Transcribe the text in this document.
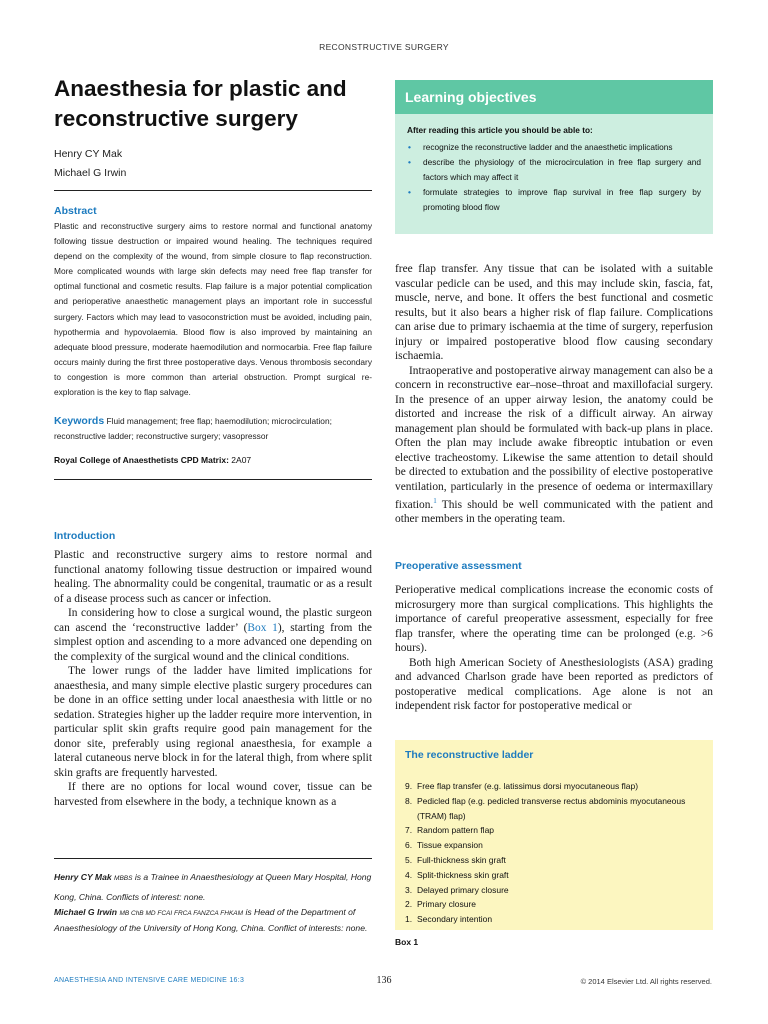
RECONSTRUCTIVE SURGERY
Anaesthesia for plastic and reconstructive surgery
Henry CY Mak
Michael G Irwin
Abstract
Plastic and reconstructive surgery aims to restore normal and functional anatomy following tissue destruction or impaired wound healing. The techniques required depend on the complexity of the wound, from simple closure to flap reconstruction. More complicated wounds with large skin defects may need free flap transfer for optimal functional and cosmetic results. Flap failure is a major potential complication and perioperative anaesthetic management plays an important role in successful surgery. Factors which may lead to vasoconstriction must be avoided, including pain, hypothermia and hypovolaemia. Blood flow is also improved by maintaining an adequate blood pressure, moderate haemodilution and normocarbia. Free flap failure occurs mainly during the first three postoperative days. Venous thrombosis secondary to congestion is more common than arterial obstruction. Prompt surgical re-exploration is the key to flap salvage.
Keywords Fluid management; free flap; haemodilution; microcirculation; reconstructive ladder; reconstructive surgery; vasopressor
Royal College of Anaesthetists CPD Matrix: 2A07
Introduction

Plastic and reconstructive surgery aims to restore normal and functional anatomy following tissue destruction or impaired wound healing. The abnormality could be congenital, traumatic or as a result of a disease process such as cancer or infection.

In considering how to close a surgical wound, the plastic surgeon can ascend the ‘reconstructive ladder’ (Box 1), starting from the simplest option and ascending to a more advanced one depending on the complexity of the surgical wound and the clinical conditions.

The lower rungs of the ladder have limited implications for anaesthesia, and many simple elective plastic surgery procedures can be done in an office setting under local anaesthesia with little or no sedation. Strategies higher up the ladder require more intervention, in particular split skin grafts require good pain management for the donor site, preferably using regional anaesthesia, for example a lateral cutaneous nerve block in for the lateral thigh, from where split skin grafts are frequently harvested.

If there are no options for local wound cover, tissue can be harvested from elsewhere in the body, a technique known as a

Henry CY Mak MBBS is a Trainee in Anaesthesiology at Queen Mary Hospital, Hong Kong, China. Conflicts of interest: none.
Michael G Irwin MB ChB MD FCAI FRCA FANZCA FHKAM is Head of the Department of Anaesthesiology of the University of Hong Kong, China. Conflict of interests: none.
Learning objectives
After reading this article you should be able to:
• recognize the reconstructive ladder and the anaesthetic implications
• describe the physiology of the microcirculation in free flap surgery and factors which may affect it
• formulate strategies to improve flap survival in free flap surgery by promoting blood flow

free flap transfer. Any tissue that can be isolated with a suitable vascular pedicle can be used, and this may include skin, fascia, fat, muscle, nerve, and bone. It offers the best functional and cosmetic results, but it also bears a higher risk of flap failure. Complications can arise due to primary ischaemia at the time of surgery, reperfusion injury or impaired postoperative blood flow causing secondary ischaemia.

Intraoperative and postoperative airway management can also be a concern in reconstructive ear–nose–throat and maxillofacial surgery. In the presence of an upper airway lesion, the anatomy could be distorted and increase the risk of a difficult airway. An airway management plan should be formulated with back-up plans in place. Often the plan may include awake fibreoptic intubation or even elective tracheostomy. Likewise the same attention to detail should be directed to extubation and the possibility of elective postoperative ventilation, particularly in the presence of oedema or intermaxillary fixation.$^1$ This should be well communicated with the patient and other members in the operating team.

Preoperative assessment

Perioperative medical complications increase the economic costs of microsurgery more than surgical complications. This highlights the importance of careful preoperative assessment, especially for free flap transfer, where the operating time can be prolonged (e.g. >6 hours).

Both high American Society of Anesthesiologists (ASA) grading and advanced Charlson grade have been reported as predictors of postoperative medical complications. Age alone is not an independent risk factor for postoperative medical or

The reconstructive ladder
9. Free flap transfer (e.g. latissimus dorsi myocutaneous flap)
8. Pedicled flap (e.g. pedicled transverse rectus abdominis myocutaneous (TRAM) flap)
7. Random pattern flap
6. Tissue expansion
5. Full-thickness skin graft
4. Split-thickness skin graft
3. Delayed primary closure
2. Primary closure
1. Secondary intention
Box 1
ANAESTHESIA AND INTENSIVE CARE MEDICINE 16:3	136	© 2014 Elsevier Ltd. All rights reserved.
